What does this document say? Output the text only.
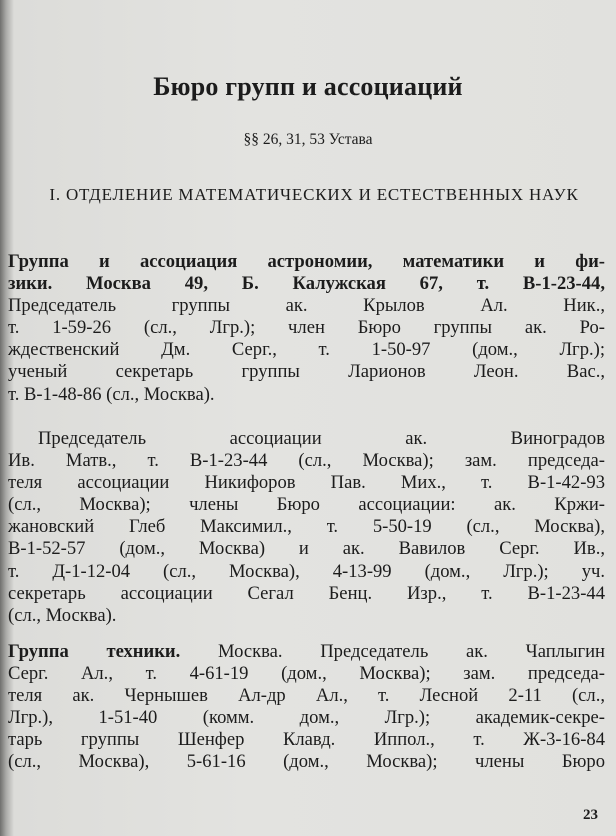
Бюро групп и ассоциаций
§§ 26, 31, 53 Устава
I. ОТДЕЛЕНИЕ МАТЕМАТИЧЕСКИХ И ЕСТЕСТВЕННЫХ НАУК
Группа и ассоциация астрономии, математики и фи-
зики. Москва 49, Б. Калужская 67, т. В-1-23-44,
Председатель группы ак. Крылов Ал. Ник.,
т. 1-59-26 (сл., Лгр.); член Бюро группы ак. Ро-
ждественский Дм. Серг., т. 1-50-97 (дом., Лгр.);
ученый секретарь группы Ларионов Леон. Вас.,
т. В-1-48-86 (сл., Москва).
Председатель ассоциации ак. Виноградов
Ив. Матв., т. В-1-23-44 (сл., Москва); зам. председа-
теля ассоциации Никифоров Пав. Мих., т. В-1-42-93
(сл., Москва); члены Бюро ассоциации: ак. Кржи-
жановский Глеб Максимил., т. 5-50-19 (сл., Москва),
В-1-52-57 (дом., Москва) и ак. Вавилов Серг. Ив.,
т. Д-1-12-04 (сл., Москва), 4-13-99 (дом., Лгр.); уч.
секретарь ассоциации Сегал Бенц. Изр., т. В-1-23-44
(сл., Москва).
Группа техники. Москва. Председатель ак. Чаплыгин
Серг. Ал., т. 4-61-19 (дом., Москва); зам. председа-
теля ак. Чернышев Ал-др Ал., т. Лесной 2-11 (сл.,
Лгр.), 1-51-40 (комм. дом., Лгр.); академик-секре-
тарь группы Шенфер Клавд. Иппол., т. Ж-3-16-84
(сл., Москва), 5-61-16 (дом., Москва); члены Бюро
23
